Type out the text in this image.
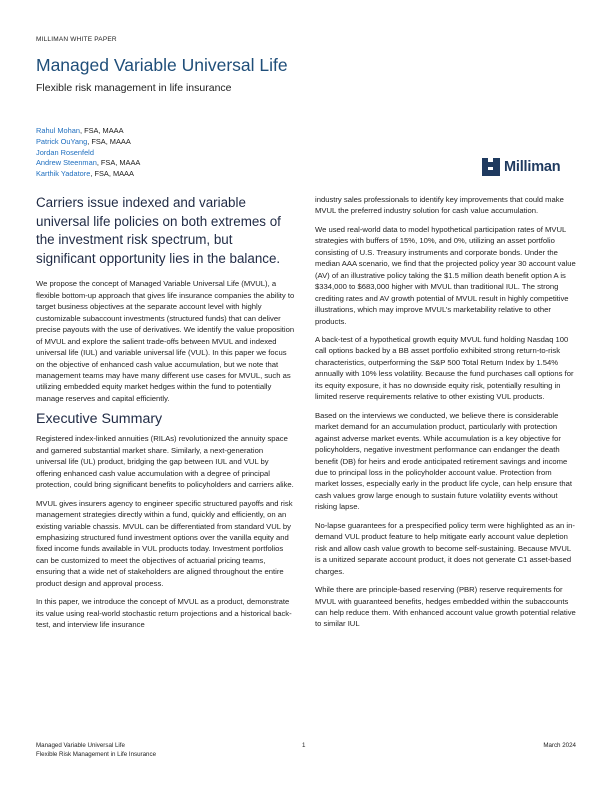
MILLIMAN WHITE PAPER
Managed Variable Universal Life
Flexible risk management in life insurance
Rahul Mohan, FSA, MAAA
Patrick OuYang, FSA, MAAA
Jordan Rosenfeld
Andrew Steenman, FSA, MAAA
Karthik Yadatore, FSA, MAAA	Milliman

Carriers issue indexed and variable universal life policies on both extremes of the investment risk spectrum, but significant opportunity lies in the balance.

We propose the concept of Managed Variable Universal Life (MVUL), a flexible bottom-up approach that gives life insurance companies the ability to target business objectives at the separate account level with highly customizable subaccount investments (structured funds) that can deliver precise payouts with the use of derivatives. We identify the value proposition of MVUL and explore the salient trade-offs between MVUL and indexed universal life (IUL) and variable universal life (VUL). In this paper we focus on the objective of enhanced cash value accumulation, but we note that management teams may have many different use cases for MVUL, such as utilizing embedded equity market hedges within the fund to potentially manage reserves and capital efficiently.

Executive Summary

Registered index-linked annuities (RILAs) revolutionized the annuity space and garnered substantial market share. Similarly, a next-generation universal life (UL) product, bridging the gap between IUL and VUL by offering enhanced cash value accumulation with a degree of principal protection, could bring significant benefits to policyholders and carriers alike.

MVUL gives insurers agency to engineer specific structured payoffs and risk management strategies directly within a fund, quickly and efficiently, on an existing variable chassis. MVUL can be differentiated from standard VUL by emphasizing structured fund investment options over the vanilla equity and fixed income funds available in VUL products today. Investment portfolios can be customized to meet the objectives of actuarial pricing teams, ensuring that a wide net of stakeholders are aligned throughout the entire product design and approval process.

In this paper, we introduce the concept of MVUL as a product, demonstrate its value using real-world stochastic return projections and a historical back-test, and interview life insurance

industry sales professionals to identify key improvements that could make MVUL the preferred industry solution for cash value accumulation.

We used real-world data to model hypothetical participation rates of MVUL strategies with buffers of 15%, 10%, and 0%, utilizing an asset portfolio consisting of U.S. Treasury instruments and corporate bonds. Under the median AAA scenario, we find that the projected policy year 30 account value (AV) of an illustrative policy taking the $1.5 million death benefit option A is $334,000 to $683,000 higher with MVUL than traditional IUL. The strong crediting rates and AV growth potential of MVUL result in highly competitive illustrations, which may improve MVUL’s marketability relative to other products.

A back-test of a hypothetical growth equity MVUL fund holding Nasdaq 100 call options backed by a BB asset portfolio exhibited strong return-to-risk characteristics, outperforming the S&P 500 Total Return Index by 1.54% annually with 10% less volatility. Because the fund purchases call options for its equity exposure, it has no downside equity risk, potentially resulting in limited reserve requirements relative to other existing VUL products.

Based on the interviews we conducted, we believe there is considerable market demand for an accumulation product, particularly with protection against adverse market events. While accumulation is a key objective for policyholders, negative investment performance can endanger the death benefit (DB) for heirs and erode anticipated retirement savings and income due to principal loss in the policyholder account value. Protection from market losses, especially early in the product life cycle, can help ensure that cash values grow large enough to sustain future volatility events without risking lapse.

No-lapse guarantees for a prespecified policy term were highlighted as an in-demand VUL product feature to help mitigate early account value depletion risk and allow cash value growth to become self-sustaining. Because MVUL is a unitized separate account product, it does not generate C1 asset-based charges.

While there are principle-based reserving (PBR) reserve requirements for MVUL with guaranteed benefits, hedges embedded within the subaccounts can help reduce them. With enhanced account value growth potential relative to similar IUL

Managed Variable Universal Life
Flexible Risk Management in Life Insurance
1	March 2024
